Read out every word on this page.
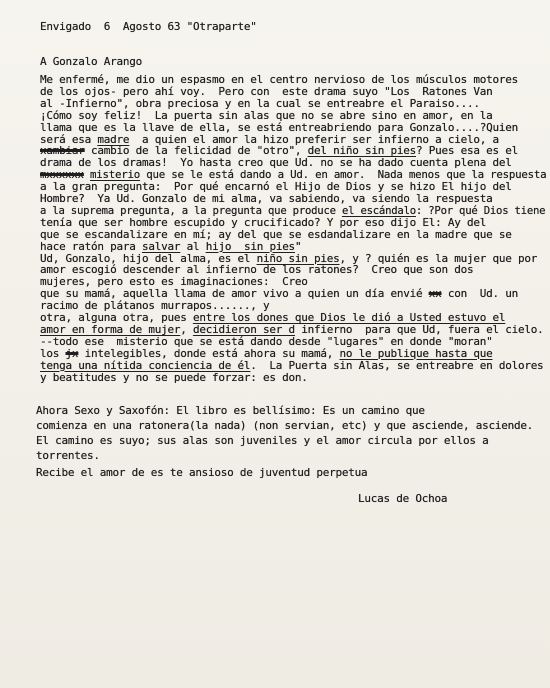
Envigado  6  Agosto 63 "Otraparte"
A Gonzalo Arango
Me enfermé, me dio un espasmo en el centro nervioso de los músculos motores
de los ojos- pero ahí voy.  Pero con  este drama suyo "Los  Ratones Van
al -Infierno", obra preciosa y en la cual se entreabre el Paraiso....
¡Cómo soy feliz!  La puerta sin alas que no se abre sino en amor, en la
llama que es la llave de ella, se está entreabriendo para Gonzalo....?Quien
será esa madre  a quien el amor la hizo preferir ser infierno a cielo, a
xambiar cambio de la felicidad de "otro", del niño sin pies? Pues esa es el
drama de los dramas!  Yo hasta creo que Ud. no se ha dado cuenta plena del
mxxxxxx misterio que se le está dando a Ud. en amor.  Nada menos que la respuesta
a la gran pregunta:  Por qué encarnó el Hijo de Dios y se hizo El hijo del
Hombre?  Ya Ud. Gonzalo de mi alma, va sabiendo, va siendo la respuesta
a la suprema pregunta, a la pregunta que produce el escándalo: ?Por qué Dios tiene
tenía que ser hombre escupido y crucificado? Y por eso dijo El: Ay del
que se escandalizare en mí; ay del que se esdandalizare en la madre que se
hace ratón para salvar al hijo  sin pies"
Ud, Gonzalo, hijo del alma, es el niño sin pies, y ? quién es la mujer que por
amor escogió descender al infierno de los ratones?  Creo que son dos
mujeres, pero esto es imaginaciones:  Creo
que su mamá, aquella llama de amor vivo a quien un día envié xx con  Ud. un
racimo de plátanos murrapos......, y
otra, alguna otra, pues entre los dones que Dios le dió a Usted estuvo el
amor en forma de mujer, decidieron ser d infierno  para que Ud, fuera el cielo.
--todo ese  misterio que se está dando desde "lugares" en donde "moran"
los jx intelegibles, donde está ahora su mamá, no le publique hasta que
tenga una nítida conciencia de él.  La Puerta sin Alas, se entreabre en dolores
y beatitudes y no se puede forzar: es don.
Ahora Sexo y Saxofón: El libro es bellísimo: Es un camino que
comienza en una ratonera(la nada) (non servian, etc) y que asciende, asciende.
El camino es suyo; sus alas son juveniles y el amor circula por ellos a
torrentes.
Recibe el amor de es te ansioso de juventud perpetua
Lucas de Ochoa
